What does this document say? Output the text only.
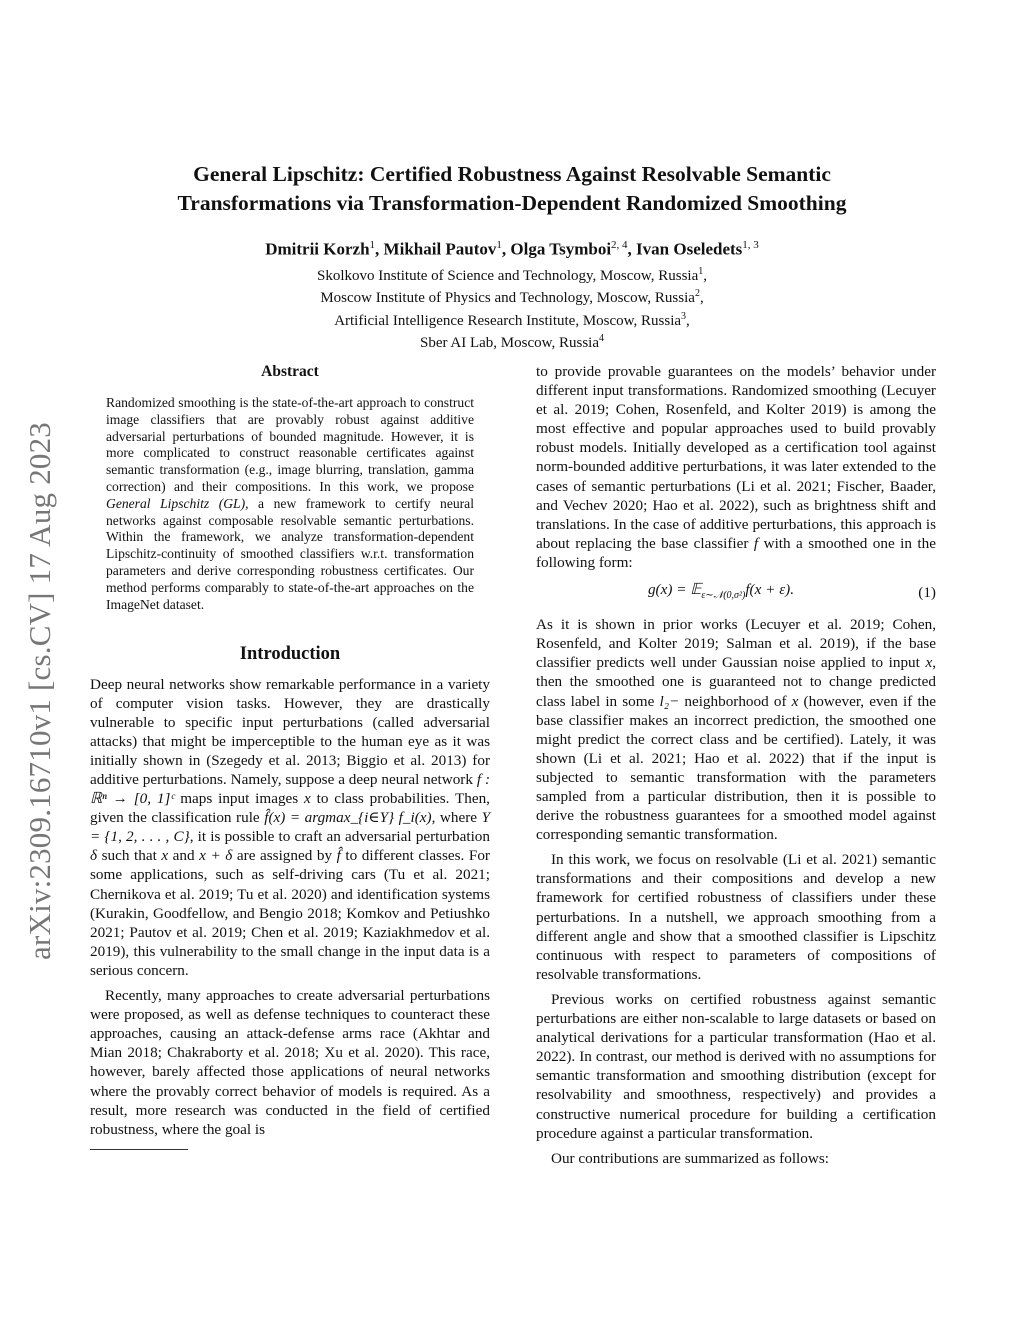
arXiv:2309.16710v1 [cs.CV] 17 Aug 2023
General Lipschitz: Certified Robustness Against Resolvable Semantic
Transformations via Transformation-Dependent Randomized Smoothing
Dmitrii Korzh$^1$, Mikhail Pautov$^1$, Olga Tsymboi$^{2, 4}$, Ivan Oseledets$^{1, 3}$
Skolkovo Institute of Science and Technology, Moscow, Russia$^1$,
Moscow Institute of Physics and Technology, Moscow, Russia$^2$,
Artificial Intelligence Research Institute, Moscow, Russia$^3$,
Sber AI Lab, Moscow, Russia$^4$
Abstract
Randomized smoothing is the state-of-the-art approach to construct image classifiers that are provably robust against additive adversarial perturbations of bounded magnitude. However, it is more complicated to construct reasonable certificates against semantic transformation (e.g., image blurring, translation, gamma correction) and their compositions. In this work, we propose General Lipschitz (GL), a new framework to certify neural networks against composable resolvable semantic perturbations. Within the framework, we analyze transformation-dependent Lipschitz-continuity of smoothed classifiers w.r.t. transformation parameters and derive corresponding robustness certificates. Our method performs comparably to state-of-the-art approaches on the ImageNet dataset.
Introduction

Deep neural networks show remarkable performance in a variety of computer vision tasks. However, they are drastically vulnerable to specific input perturbations (called adversarial attacks) that might be imperceptible to the human eye as it was initially shown in (Szegedy et al. 2013; Biggio et al. 2013) for additive perturbations. Namely, suppose a deep neural network f : ℝⁿ → [0, 1]ᶜ maps input images x to class probabilities. Then, given the classification rule f̂(x) = argmax_{i∈Y} f_i(x), where Y = {1, 2, . . . , C}, it is possible to craft an adversarial perturbation δ such that x and x + δ are assigned by f̂ to different classes. For some applications, such as self-driving cars (Tu et al. 2021; Chernikova et al. 2019; Tu et al. 2020) and identification systems (Kurakin, Goodfellow, and Bengio 2018; Komkov and Petiushko 2021; Pautov et al. 2019; Chen et al. 2019; Kaziakhmedov et al. 2019), this vulnerability to the small change in the input data is a serious concern.

Recently, many approaches to create adversarial perturbations were proposed, as well as defense techniques to counteract these approaches, causing an attack-defense arms race (Akhtar and Mian 2018; Chakraborty et al. 2018; Xu et al. 2020). This race, however, barely affected those applications of neural networks where the provably correct behavior of models is required. As a result, more research was conducted in the field of certified robustness, where the goal is

to provide provable guarantees on the models’ behavior under different input transformations. Randomized smoothing (Lecuyer et al. 2019; Cohen, Rosenfeld, and Kolter 2019) is among the most effective and popular approaches used to build provably robust models. Initially developed as a certification tool against norm-bounded additive perturbations, it was later extended to the cases of semantic perturbations (Li et al. 2021; Fischer, Baader, and Vechev 2020; Hao et al. 2022), such as brightness shift and translations. In the case of additive perturbations, this approach is about replacing the base classifier f with a smoothed one in the following form:

g(x) = 𝔼$_{\varepsilon\sim 𝒩(0,\sigma^2)}$f(x + ε).	(1)

As it is shown in prior works (Lecuyer et al. 2019; Cohen, Rosenfeld, and Kolter 2019; Salman et al. 2019), if the base classifier predicts well under Gaussian noise applied to input x, then the smoothed one is guaranteed not to change predicted class label in some l₂− neighborhood of x (however, even if the base classifier makes an incorrect prediction, the smoothed one might predict the correct class and be certified). Lately, it was shown (Li et al. 2021; Hao et al. 2022) that if the input is subjected to semantic transformation with the parameters sampled from a particular distribution, then it is possible to derive the robustness guarantees for a smoothed model against corresponding semantic transformation.

In this work, we focus on resolvable (Li et al. 2021) semantic transformations and their compositions and develop a new framework for certified robustness of classifiers under these perturbations. In a nutshell, we approach smoothing from a different angle and show that a smoothed classifier is Lipschitz continuous with respect to parameters of compositions of resolvable transformations.

Previous works on certified robustness against semantic perturbations are either non-scalable to large datasets or based on analytical derivations for a particular transformation (Hao et al. 2022). In contrast, our method is derived with no assumptions for semantic transformation and smoothing distribution (except for resolvability and smoothness, respectively) and provides a constructive numerical procedure for building a certification procedure against a particular transformation.

Our contributions are summarized as follows:
